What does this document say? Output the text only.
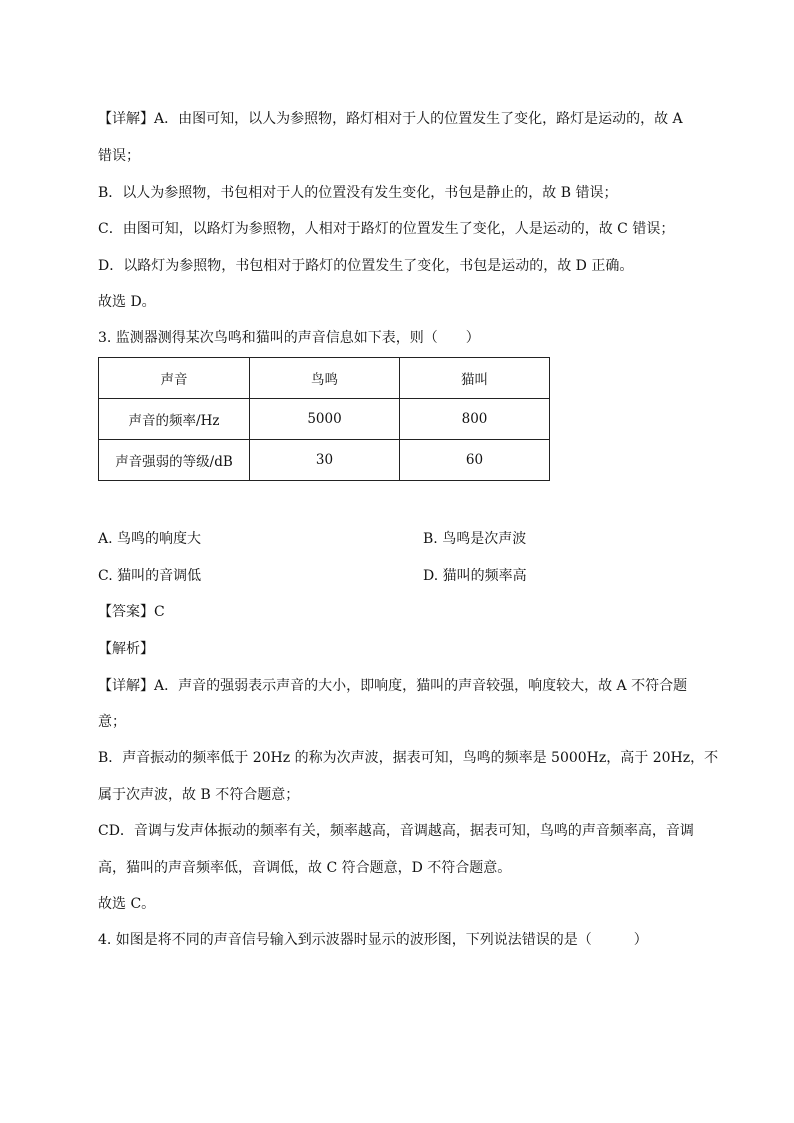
【详解】A．由图可知，以人为参照物，路灯相对于人的位置发生了变化，路灯是运动的，故 A
错误；
B．以人为参照物，书包相对于人的位置没有发生变化，书包是静止的，故 B 错误；
C．由图可知，以路灯为参照物，人相对于路灯的位置发生了变化，人是运动的，故 C 错误；
D．以路灯为参照物，书包相对于路灯的位置发生了变化，书包是运动的，故 D 正确。
故选 D。
3. 监测器测得某次鸟鸣和猫叫的声音信息如下表，则（　　）
声音	鸟鸣	猫叫
声音的频率/Hz	5000	800
声音强弱的等级/dB	30	60
A. 鸟鸣的响度大	B. 鸟鸣是次声波
C. 猫叫的音调低	D. 猫叫的频率高
【答案】C
【解析】
【详解】A．声音的强弱表示声音的大小，即响度，猫叫的声音较强，响度较大，故 A 不符合题
意；
B．声音振动的频率低于 20Hz 的称为次声波，据表可知，鸟鸣的频率是 5000Hz，高于 20Hz，不
属于次声波，故 B 不符合题意；
CD．音调与发声体振动的频率有关，频率越高，音调越高，据表可知，鸟鸣的声音频率高，音调
高，猫叫的声音频率低，音调低，故 C 符合题意，D 不符合题意。
故选 C。
4. 如图是将不同的声音信号输入到示波器时显示的波形图，下列说法错误的是（　　　）
